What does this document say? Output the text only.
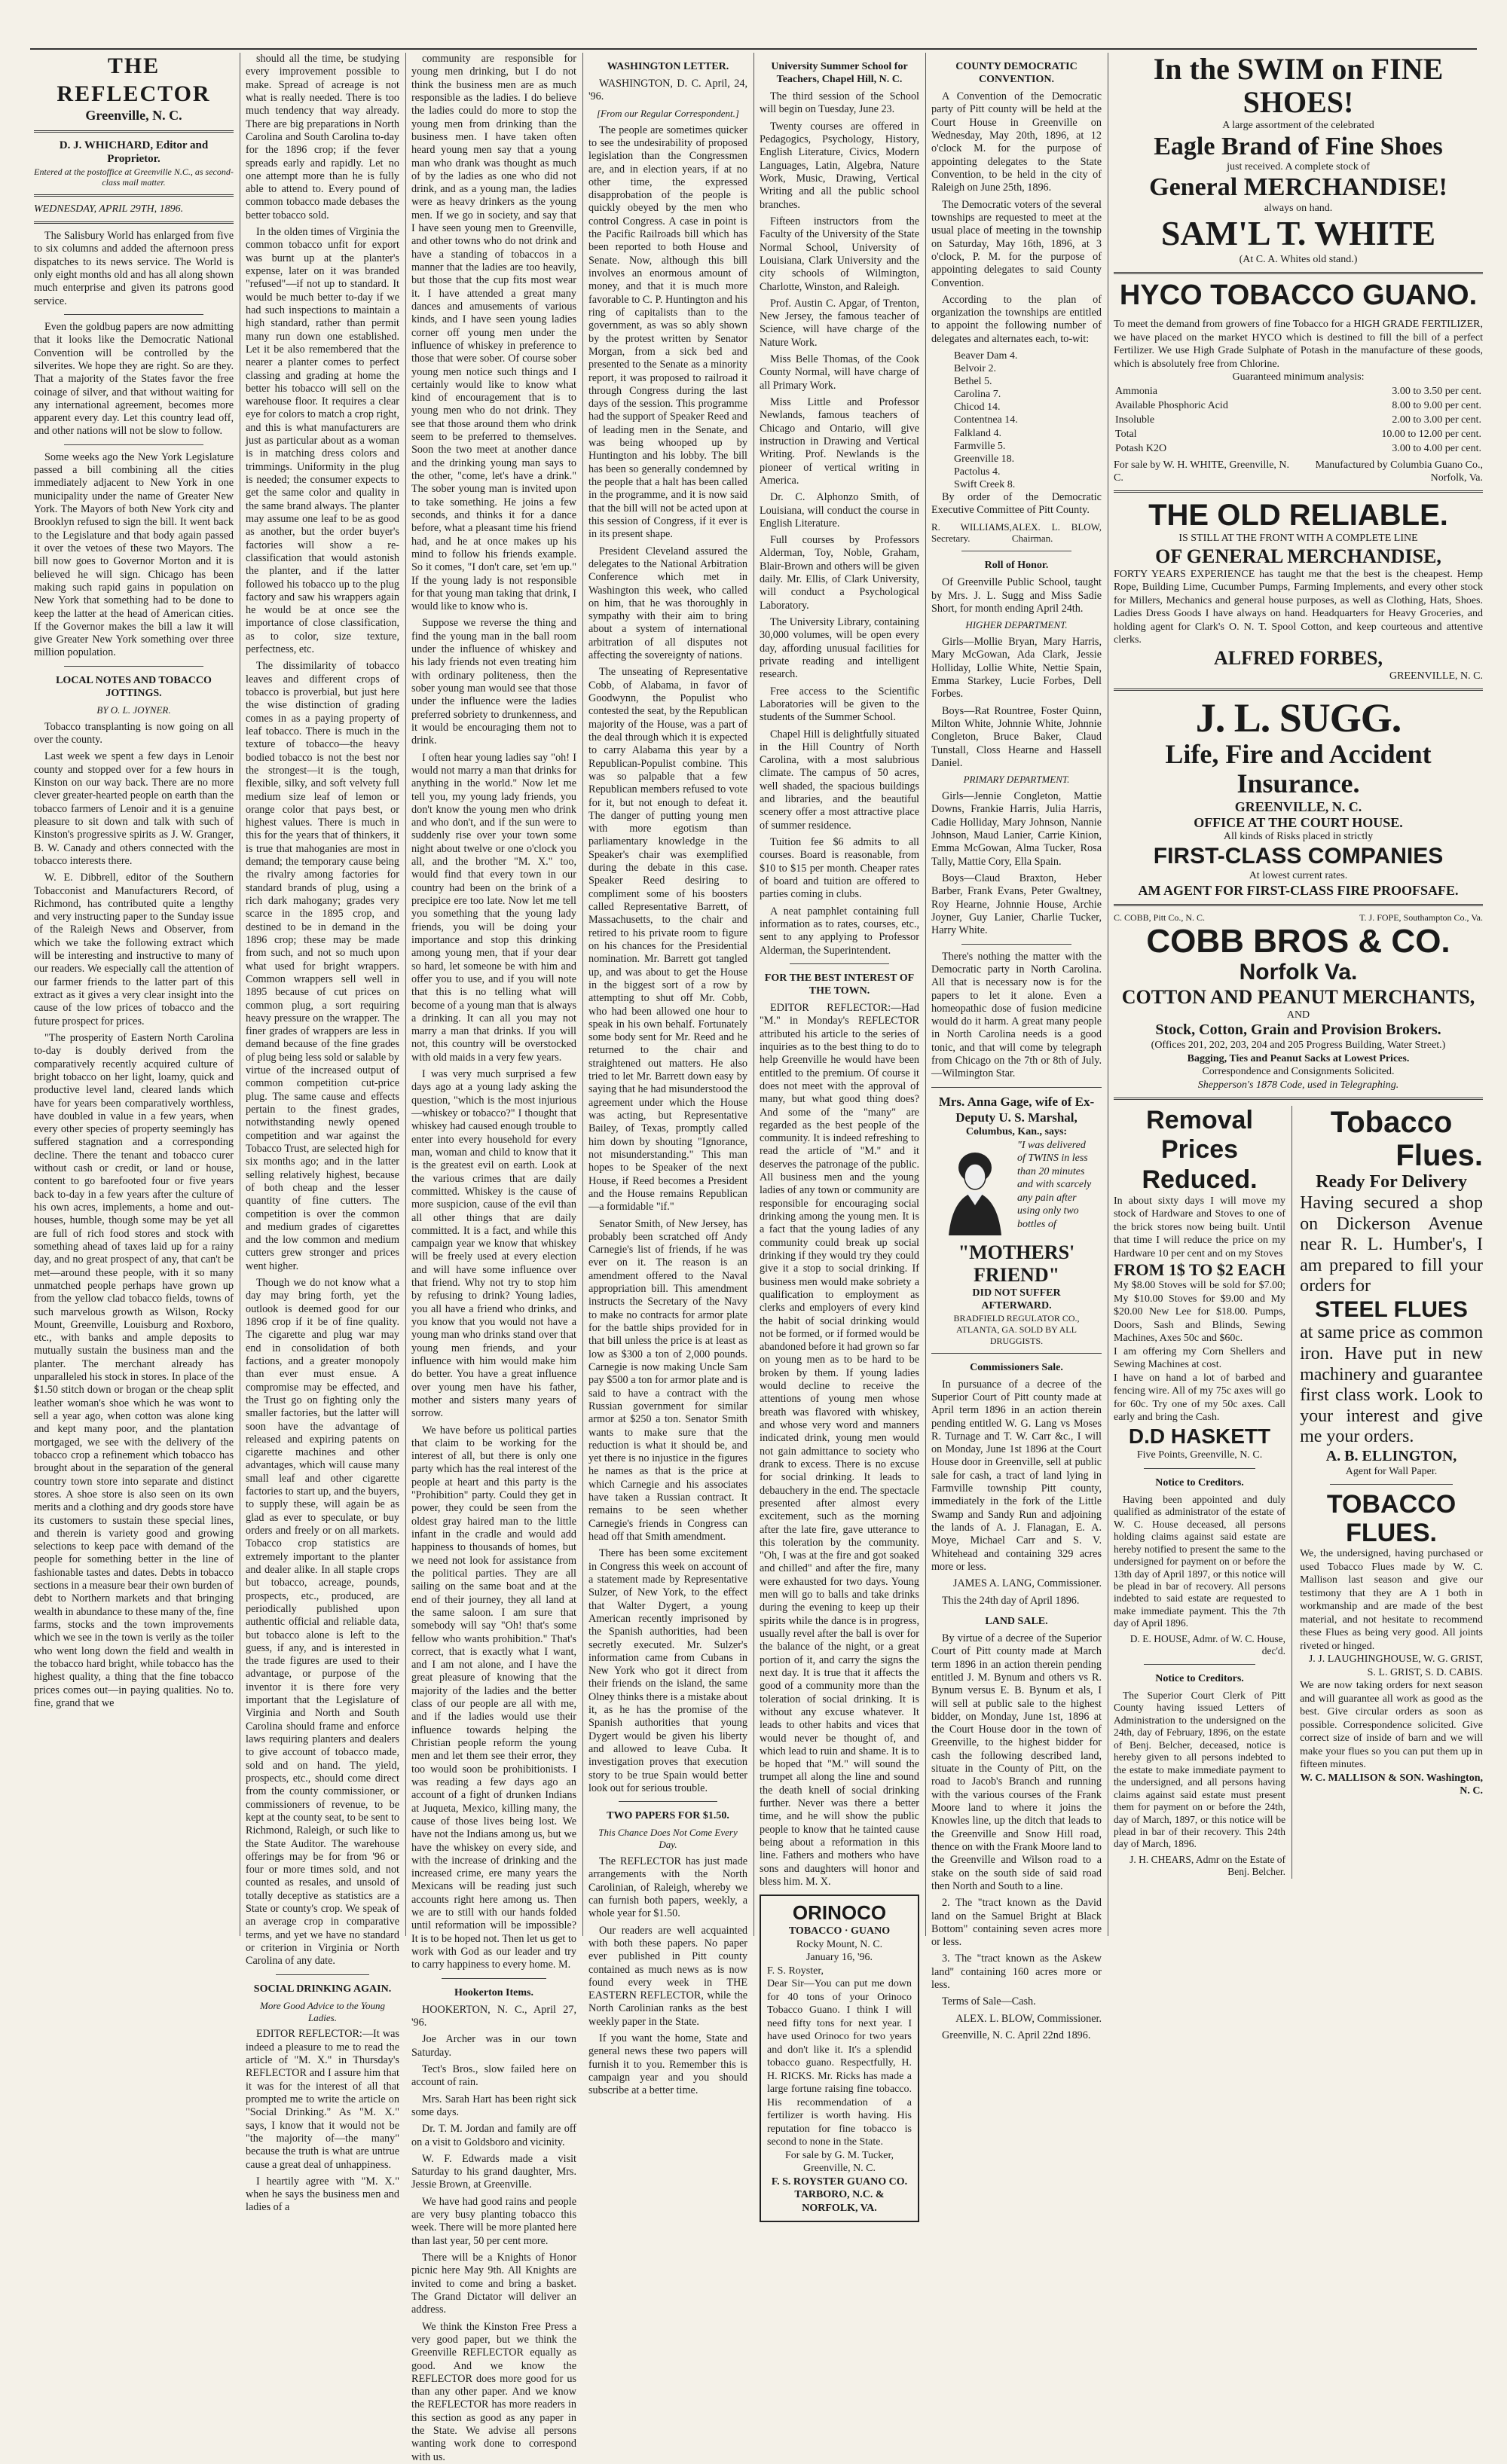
THE REFLECTOR
Greenville, N. C.
D. J. WHICHARD, Editor and Proprietor.
Entered at the postoffice at Greenville N.C., as second-class mail matter.
WEDNESDAY, APRIL 29TH, 1896.

The Salisbury World has enlarged from five to six columns and added the afternoon press dispatches to its news service. The World is only eight months old and has all along shown much enterprise and given its patrons good service.

Even the goldbug papers are now admitting that it looks like the Democratic National Convention will be controlled by the silverites. We hope they are right. So are they. That a majority of the States favor the free coinage of silver, and that without waiting for any international agreement, becomes more apparent every day. Let this country lead off, and other nations will not be slow to follow.

Some weeks ago the New York Legislature passed a bill combining all the cities immediately adjacent to New York in one municipality under the name of Greater New York. The Mayors of both New York city and Brooklyn refused to sign the bill. It went back to the Legislature and that body again passed it over the vetoes of these two Mayors. The bill now goes to Governor Morton and it is believed he will sign. Chicago has been making such rapid gains in population on New York that something had to be done to keep the latter at the head of American cities. If the Governor makes the bill a law it will give Greater New York something over three million population.

LOCAL NOTES AND TOBACCO JOTTINGS.
BY O. L. JOYNER.

Tobacco transplanting is now going on all over the county.

Last week we spent a few days in Lenoir county and stopped over for a few hours in Kinston on our way back. There are no more clever greater-hearted people on earth than the tobacco farmers of Lenoir and it is a genuine pleasure to sit down and talk with such of Kinston's progressive spirits as J. W. Granger, B. W. Canady and others connected with the tobacco interests there.

W. E. Dibbrell, editor of the Southern Tobacconist and Manufacturers Record, of Richmond, has contributed quite a lengthy and very instructing paper to the Sunday issue of the Raleigh News and Observer, from which we take the following extract which will be interesting and instructive to many of our readers. We especially call the attention of our farmer friends to the latter part of this extract as it gives a very clear insight into the cause of the low prices of tobacco and the future prospect for prices.

"The prosperity of Eastern North Carolina to-day is doubly derived from the comparatively recently acquired culture of bright tobacco on her light, loamy, quick and productive level land, cleared lands which have for years been comparatively worthless, have doubled in value in a few years, when every other species of property seemingly has suffered stagnation and a corresponding decline. There the tenant and tobacco curer without cash or credit, or land or house, content to go barefooted four or five years back to-day in a few years after the culture of his own acres, implements, a home and out-houses, humble, though some may be yet all are full of rich food stores and stock with something ahead of taxes laid up for a rainy day, and no great prospect of any, that can't be met—around these people, with it so many unmatched people perhaps have grown up from the yellow clad tobacco fields, towns of such marvelous growth as Wilson, Rocky Mount, Greenville, Louisburg and Roxboro, etc., with banks and ample deposits to mutually sustain the business man and the planter. The merchant already has unparalleled his stock in stores. In place of the $1.50 stitch down or brogan or the cheap split leather woman's shoe which he was wont to sell a year ago, when cotton was alone king and kept many poor, and the plantation mortgaged, we see with the delivery of the tobacco crop a refinement which tobacco has brought about in the separation of the general country town store into separate and distinct stores. A shoe store is also seen on its own merits and a clothing and dry goods store have its customers to sustain these special lines, and therein is variety good and growing selections to keep pace with demand of the people for something better in the line of fashionable tastes and dates. Debts in tobacco sections in a measure bear their own burden of debt to Northern markets and that bringing wealth in abundance to these many of the, fine farms, stocks and the town improvements which we see in the town is verily as the toiler who went long down the field and wealth in the tobacco hard bright, while tobacco has the highest quality, a thing that the fine tobacco prices comes out—in paying qualities. No to. fine, grand that we

should all the time, be studying every improvement possible to make. Spread of acreage is not what is really needed. There is too much tendency that way already. There are big preparations in North Carolina and South Carolina to-day for the 1896 crop; if the fever spreads early and rapidly. Let no one attempt more than he is fully able to attend to. Every pound of common tobacco made debases the better tobacco sold.

In the olden times of Virginia the common tobacco unfit for export was burnt up at the planter's expense, later on it was branded "refused"—if not up to standard. It would be much better to-day if we had such inspections to maintain a high standard, rather than permit many run down one established. Let it be also remembered that the nearer a planter comes to perfect classing and grading at home the better his tobacco will sell on the warehouse floor. It requires a clear eye for colors to match a crop right, and this is what manufacturers are just as particular about as a woman is in matching dress colors and trimmings. Uniformity in the plug is needed; the consumer expects to get the same color and quality in the same brand always. The planter may assume one leaf to be as good as another, but the order buyer's factories will show a re-classification that would astonish the planter, and if the latter followed his tobacco up to the plug factory and saw his wrappers again he would be at once see the importance of close classification, as to color, size texture, perfectness, etc.

The dissimilarity of tobacco leaves and different crops of tobacco is proverbial, but just here the wise distinction of grading comes in as a paying property of leaf tobacco. There is much in the texture of tobacco—the heavy bodied tobacco is not the best nor the strongest—it is the tough, flexible, silky, and soft velvety full medium size leaf of lemon or orange color that pays best, or highest values. There is much in this for the years that of thinkers, it is true that mahoganies are most in demand; the temporary cause being the rivalry among factories for standard brands of plug, using a rich dark mahogany; grades very scarce in the 1895 crop, and destined to be in demand in the 1896 crop; these may be made from such, and not so much upon what used for bright wrappers. Common wrappers sell well in 1895 because of cut prices on common plug, a sort requiring heavy pressure on the wrapper. The finer grades of wrappers are less in demand because of the fine grades of plug being less sold or salable by virtue of the increased output of common competition cut-price plug. The same cause and effects pertain to the finest grades, notwithstanding newly opened competition and war against the Tobacco Trust, are selected high for six months ago; and in the latter selling relatively highest, because of both cheap and the lesser quantity of fine cutters. The competition is over the common and medium grades of cigarettes and the low common and medium cutters grew stronger and prices went higher.

Though we do not know what a day may bring forth, yet the outlook is deemed good for our 1896 crop if it be of fine quality. The cigarette and plug war may end in consolidation of both factions, and a greater monopoly than ever must ensue. A compromise may be effected, and the Trust go on fighting only the smaller factories, but the latter will soon have the advantage of released and expiring patents on cigarette machines and other advantages, which will cause many small leaf and other cigarette factories to start up, and the buyers, to supply these, will again be as glad as ever to speculate, or buy orders and freely or on all markets. Tobacco crop statistics are extremely important to the planter and dealer alike. In all staple crops but tobacco, acreage, pounds, prospects, etc., produced, are periodically published upon authentic official and reliable data, but tobacco alone is left to the guess, if any, and is interested in the trade figures are used to their advantage, or purpose of the inventor it is there fore very important that the Legislature of Virginia and North and South Carolina should frame and enforce laws requiring planters and dealers to give account of tobacco made, sold and on hand. The yield, prospects, etc., should come direct from the county commissioner, or commissioners of revenue, to be kept at the county seat, to be sent to Richmond, Raleigh, or such like to the State Auditor. The warehouse offerings may be for from '96 or four or more times sold, and not counted as resales, and unsold of totally deceptive as statistics are a State or county's crop. We speak of an average crop in comparative terms, and yet we have no standard or criterion in Virginia or North Carolina of any date.

SOCIAL DRINKING AGAIN.
More Good Advice to the Young Ladies.

EDITOR REFLECTOR:—It was indeed a pleasure to me to read the article of "M. X." in Thursday's REFLECTOR and I assure him that it was for the interest of all that prompted me to write the article on "Social Drinking." As "M. X." says, I know that it would not be "the majority of—the many" because the truth is what are untrue cause a great deal of unhappiness.

I heartily agree with "M. X." when he says the business men and ladies of a

community are responsible for young men drinking, but I do not think the business men are as much responsible as the ladies. I do believe the ladies could do more to stop the young men from drinking than the business men. I have taken often heard young men say that a young man who drank was thought as much of by the ladies as one who did not drink, and as a young man, the ladies were as heavy drinkers as the young men. If we go in society, and say that I have seen young men to Greenville, and other towns who do not drink and have a standing of tobaccos in a manner that the ladies are too heavily, but those that the cup fits most wear it. I have attended a great many dances and amusements of various kinds, and I have seen young ladies corner off young men under the influence of whiskey in preference to those that were sober. Of course sober young men notice such things and I certainly would like to know what kind of encouragement that is to young men who do not drink. They see that those around them who drink seem to be preferred to themselves. Soon the two meet at another dance and the drinking young man says to the other, "come, let's have a drink." The sober young man is invited upon to take something. He joins a few seconds, and thinks it for a dance before, what a pleasant time his friend had, and he at once makes up his mind to follow his friends example. So it comes, "I don't care, set 'em up." If the young lady is not responsible for that young man taking that drink, I would like to know who is.

Suppose we reverse the thing and find the young man in the ball room under the influence of whiskey and his lady friends not even treating him with ordinary politeness, then the sober young man would see that those under the influence were the ladies preferred sobriety to drunkenness, and it would be encouraging them not to drink.

I often hear young ladies say "oh! I would not marry a man that drinks for anything in the world." Now let me tell you, my young lady friends, you don't know the young men who drink and who don't, and if the sun were to suddenly rise over your town some night about twelve or one o'clock you all, and the brother "M. X." too, would find that every town in our country had been on the brink of a precipice ere too late. Now let me tell you something that the young lady friends, you will be doing your importance and stop this drinking among young men, that if your dear so hard, let someone be with him and offer you to use, and if you will note that this is no telling what will become of a young man that is always a drinking. It can all you may not marry a man that drinks. If you will not, this country will be overstocked with old maids in a very few years.

I was very much surprised a few days ago at a young lady asking the question, "which is the most injurious—whiskey or tobacco?" I thought that whiskey had caused enough trouble to enter into every household for every man, woman and child to know that it is the greatest evil on earth. Look at the various crimes that are daily committed. Whiskey is the cause of more suspicion, cause of the evil than all other things that are daily committed. It is a fact, and while this campaign year we know that whiskey will be freely used at every election and will have some influence over that friend. Why not try to stop him by refusing to drink? Young ladies, you all have a friend who drinks, and you know that you would not have a young man who drinks stand over that young men friends, and your influence with him would make him do better. You have a great influence over young men have his father, mother and sisters many years of sorrow.

We have before us political parties that claim to be working for the interest of all, but there is only one party which has the real interest of the people at heart and this party is the "Prohibition" party. Could they get in power, they could be seen from the oldest gray haired man to the little infant in the cradle and would add happiness to thousands of homes, but we need not look for assistance from the political parties. They are all sailing on the same boat and at the end of their journey, they all land at the same saloon. I am sure that somebody will say "Oh! that's some fellow who wants prohibition." That's correct, that is exactly what I want, and I am not alone, and I have the great pleasure of knowing that the majority of the ladies and the better class of our people are all with me, and if the ladies would use their influence towards helping the Christian people reform the young men and let them see their error, they too would soon be prohibitionists. I was reading a few days ago an account of a fight of drunken Indians at Juqueta, Mexico, killing many, the cause of those lives being lost. We have not the Indians among us, but we have the whiskey on every side, and with the increase of drinking and the increased crime, ere many years the Mexicans will be reading just such accounts right here among us. Then we are to still with our hands folded until reformation will be impossible? It is to be hoped not. Then let us get to work with God as our leader and try to carry happiness to every home. M.

Hookerton Items.

HOOKERTON, N. C., April 27, '96.

Joe Archer was in our town Saturday.

Tect's Bros., slow failed here on account of rain.

Mrs. Sarah Hart has been right sick some days.

Dr. T. M. Jordan and family are off on a visit to Goldsboro and vicinity.

W. F. Edwards made a visit Saturday to his grand daughter, Mrs. Jessie Brown, at Greenville.

We have had good rains and people are very busy planting tobacco this week. There will be more planted here than last year, 50 per cent more.

There will be a Knights of Honor picnic here May 9th. All Knights are invited to come and bring a basket. The Grand Dictator will deliver an address.

We think the Kinston Free Press a very good paper, but we think the Greenville REFLECTOR equally as good. And we know the REFLECTOR does more good for us than any other paper. And we know the REFLECTOR has more readers in this section as good as any paper in the State. We advise all persons wanting work done to correspond with us.

WASHINGTON LETTER.

WASHINGTON, D. C. April, 24, '96.

[From our Regular Correspondent.]

The people are sometimes quicker to see the undesirability of proposed legislation than the Congressmen are, and in election years, if at no other time, the expressed disapprobation of the people is quickly obeyed by the men who control Congress. A case in point is the Pacific Railroads bill which has been reported to both House and Senate. Now, although this bill involves an enormous amount of money, and that it is much more favorable to C. P. Huntington and his ring of capitalists than to the government, as was so ably shown by the protest written by Senator Morgan, from a sick bed and presented to the Senate as a minority report, it was proposed to railroad it through Congress during the last days of the session. This programme had the support of Speaker Reed and of leading men in the Senate, and was being whooped up by Huntington and his lobby. The bill has been so generally condemned by the people that a halt has been called in the programme, and it is now said that the bill will not be acted upon at this session of Congress, if it ever is in its present shape.

President Cleveland assured the delegates to the National Arbitration Conference which met in Washington this week, who called on him, that he was thoroughly in sympathy with their aim to bring about a system of international arbitration of all disputes not affecting the sovereignty of nations.

The unseating of Representative Cobb, of Alabama, in favor of Goodwynn, the Populist who contested the seat, by the Republican majority of the House, was a part of the deal through which it is expected to carry Alabama this year by a Republican-Populist combine. This was so palpable that a few Republican members refused to vote for it, but not enough to defeat it. The danger of putting young men with more egotism than parliamentary knowledge in the Speaker's chair was exemplified during the debate in this case. Speaker Reed desiring to compliment some of his boosters called Representative Barrett, of Massachusetts, to the chair and retired to his private room to figure on his chances for the Presidential nomination. Mr. Barrett got tangled up, and was about to get the House in the biggest sort of a row by attempting to shut off Mr. Cobb, who had been allowed one hour to speak in his own behalf. Fortunately some body sent for Mr. Reed and he returned to the chair and straightened out matters. He also tried to let Mr. Barrett down easy by saying that he had misunderstood the agreement under which the House was acting, but Representative Bailey, of Texas, promptly called him down by shouting "Ignorance, not misunderstanding." This man hopes to be Speaker of the next House, if Reed becomes a President and the House remains Republican—a formidable "if."

Senator Smith, of New Jersey, has probably been scratched off Andy Carnegie's list of friends, if he was ever on it. The reason is an amendment offered to the Naval appropriation bill. This amendment instructs the Secretary of the Navy to make no contracts for armor plate for the battle ships provided for in that bill unless the price is at least as low as $300 a ton of 2,000 pounds. Carnegie is now making Uncle Sam pay $500 a ton for armor plate and is said to have a contract with the Russian government for similar armor at $250 a ton. Senator Smith wants to make sure that the reduction is what it should be, and yet there is no injustice in the figures he names as that is the price at which Carnegie and his associates have taken a Russian contract. It remains to be seen whether Carnegie's friends in Congress can head off that Smith amendment.

There has been some excitement in Congress this week on account of a statement made by Representative Sulzer, of New York, to the effect that Walter Dygert, a young American recently imprisoned by the Spanish authorities, had been secretly executed. Mr. Sulzer's information came from Cubans in New York who got it direct from their friends on the island, the same Olney thinks there is a mistake about it, as he has the promise of the Spanish authorities that young Dygert would be given his liberty and allowed to leave Cuba. It investigation proves that execution story to be true Spain would better look out for serious trouble.

TWO PAPERS FOR $1.50.
This Chance Does Not Come Every Day.

The REFLECTOR has just made arrangements with the North Carolinian, of Raleigh, whereby we can furnish both papers, weekly, a whole year for $1.50.

Our readers are well acquainted with both these papers. No paper ever published in Pitt county contained as much news as is now found every week in THE EASTERN REFLECTOR, while the North Carolinian ranks as the best weekly paper in the State.

If you want the home, State and general news these two papers will furnish it to you. Remember this is campaign year and you should subscribe at a better time.

University Summer School for Teachers, Chapel Hill, N. C.

The third session of the School will begin on Tuesday, June 23.

Twenty courses are offered in Pedagogics, Psychology, History, English Literature, Civics, Modern Languages, Latin, Algebra, Nature Work, Music, Drawing, Vertical Writing and all the public school branches.

Fifteen instructors from the Faculty of the University of the State Normal School, University of Louisiana, Clark University and the city schools of Wilmington, Charlotte, Winston, and Raleigh.

Prof. Austin C. Apgar, of Trenton, New Jersey, the famous teacher of Science, will have charge of the Nature Work.

Miss Belle Thomas, of the Cook County Normal, will have charge of all Primary Work.

Miss Little and Professor Newlands, famous teachers of Chicago and Ontario, will give instruction in Drawing and Vertical Writing. Prof. Newlands is the pioneer of vertical writing in America.

Dr. C. Alphonzo Smith, of Louisiana, will conduct the course in English Literature.

Full courses by Professors Alderman, Toy, Noble, Graham, Blair-Brown and others will be given daily. Mr. Ellis, of Clark University, will conduct a Psychological Laboratory.

The University Library, containing 30,000 volumes, will be open every day, affording unusual facilities for private reading and intelligent research.

Free access to the Scientific Laboratories will be given to the students of the Summer School.

Chapel Hill is delightfully situated in the Hill Country of North Carolina, with a most salubrious climate. The campus of 50 acres, well shaded, the spacious buildings and libraries, and the beautiful scenery offer a most attractive place of summer residence.

Tuition fee $6 admits to all courses. Board is reasonable, from $10 to $15 per month. Cheaper rates of board and tuition are offered to parties coming in clubs.

A neat pamphlet containing full information as to rates, courses, etc., sent to any applying to Professor Alderman, the Superintendent.

FOR THE BEST INTEREST OF THE TOWN.

EDITOR REFLECTOR:—Had "M." in Monday's REFLECTOR attributed his article to the series of inquiries as to the best thing to do to help Greenville he would have been entitled to the premium. Of course it does not meet with the approval of many, but what good thing does? And some of the "many" are regarded as the best people of the community. It is indeed refreshing to read the article of "M." and it deserves the patronage of the public. All business men and the young ladies of any town or community are responsible for encouraging social drinking among the young men. It is a fact that the young ladies of any community could break up social drinking if they would try they could give it a stop to social drinking. If business men would make sobriety a qualification to employment as clerks and employers of every kind the habit of social drinking would not be formed, or if formed would be abandoned before it had grown so far on young men as to be hard to be broken by them. If young ladies would decline to receive the attentions of young men whose breath was flavored with whiskey, and whose very word and manners indicated drink, young men would not gain admittance to society who drank to excess. There is no excuse for social drinking. It leads to debauchery in the end. The spectacle presented after almost every excitement, such as the morning after the late fire, gave utterance to this toleration by the community. "Oh, I was at the fire and got soaked and chilled" and after the fire, many were exhausted for two days. Young men will go to balls and take drinks during the evening to keep up their spirits while the dance is in progress, usually revel after the ball is over for the balance of the night, or a great portion of it, and carry the signs the next day. It is true that it affects the good of a community more than the toleration of social drinking. It is without any excuse whatever. It leads to other habits and vices that would never be thought of, and which lead to ruin and shame. It is to be hoped that "M." will sound the trumpet all along the line and sound the death knell of social drinking further. Never was there a better time, and he will show the public people to know that he tainted cause being about a reformation in this line. Fathers and mothers who have sons and daughters will honor and bless him. M. X.

ORINOCO
TOBACCO · GUANO
Rocky Mount, N. C.
January 16, '96.
F. S. Royster,
Dear Sir—You can put me down for 40 tons of your Orinoco Tobacco Guano. I think I will need fifty tons for next year. I have used Orinoco for two years and don't like it. It's a splendid tobacco guano. Respectfully, H. H. RICKS. Mr. Ricks has made a large fortune raising fine tobacco. His recommendation of a fertilizer is worth having. His reputation for fine tobacco is second to none in the State.
For sale by G. M. Tucker, Greenville, N. C.
F. S. ROYSTER GUANO CO. TARBORO, N.C. & NORFOLK, VA.
COUNTY DEMOCRATIC CONVENTION.

A Convention of the Democratic party of Pitt county will be held at the Court House in Greenville on Wednesday, May 20th, 1896, at 12 o'clock M. for the purpose of appointing delegates to the State Convention, to be held in the city of Raleigh on June 25th, 1896.

The Democratic voters of the several townships are requested to meet at the usual place of meeting in the township on Saturday, May 16th, 1896, at 3 o'clock, P. M. for the purpose of appointing delegates to said County Convention.

According to the plan of organization the townships are entitled to appoint the following number of delegates and alternates each, to-wit:

Beaver Dam 4.
Belvoir 2.
Bethel 5.
Carolina 7.
Chicod 14.
Contentnea 14.
Falkland 4.
Farmville 5.
Greenville 18.
Pactolus 4.
Swift Creek 8.

By order of the Democratic Executive Committee of Pitt County.

R. WILLIAMS, Secretary.
ALEX. L. BLOW, Chairman.
Roll of Honor.

Of Greenville Public School, taught by Mrs. J. L. Sugg and Miss Sadie Short, for month ending April 24th.

HIGHER DEPARTMENT.

Girls—Mollie Bryan, Mary Harris, Mary McGowan, Ada Clark, Jessie Holliday, Lollie White, Nettie Spain, Emma Starkey, Lucie Forbes, Dell Forbes.

Boys—Rat Rountree, Foster Quinn, Milton White, Johnnie White, Johnnie Congleton, Bruce Baker, Claud Tunstall, Closs Hearne and Hassell Daniel.

PRIMARY DEPARTMENT.

Girls—Jennie Congleton, Mattie Downs, Frankie Harris, Julia Harris, Cadie Holliday, Mary Johnson, Nannie Johnson, Maud Lanier, Carrie Kinion, Emma McGowan, Alma Tucker, Rosa Tally, Mattie Cory, Ella Spain.

Boys—Claud Braxton, Heber Barber, Frank Evans, Peter Gwaltney, Roy Hearne, Johnnie House, Archie Joyner, Guy Lanier, Charlie Tucker, Harry White.

There's nothing the matter with the Democratic party in North Carolina. All that is necessary now is for the papers to let it alone. Even a homeopathic dose of fusion medicine would do it harm. A great many people in North Carolina needs is a good tonic, and that will come by telegraph from Chicago on the 7th or 8th of July.—Wilmington Star.

Mrs. Anna Gage, wife of Ex-
Deputy U. S. Marshal,
Columbus, Kan., says:
"I was delivered of TWINS in less than 20 minutes and with scarcely any pain after using only two bottles of
"MOTHERS' FRIEND"
DID NOT SUFFER AFTERWARD.
BRADFIELD REGULATOR CO., ATLANTA, GA. SOLD BY ALL DRUGGISTS.
Commissioners Sale.

In pursuance of a decree of the Superior Court of Pitt county made at April term 1896 in an action therein pending entitled W. G. Lang vs Moses R. Turnage and T. W. Carr &c., I will on Monday, June 1st 1896 at the Court House door in Greenville, sell at public sale for cash, a tract of land lying in Farmville township Pitt county, immediately in the fork of the Little Swamp and Sandy Run and adjoining the lands of A. J. Flanagan, E. A. Moye, Michael Carr and S. V. Whitehead and containing 329 acres more or less.

JAMES A. LANG, Commissioner.

This the 24th day of April 1896.

LAND SALE.

By virtue of a decree of the Superior Court of Pitt county made at March term 1896 in an action therein pending entitled J. M. Bynum and others vs R. Bynum versus E. B. Bynum et als, I will sell at public sale to the highest bidder, on Monday, June 1st, 1896 at the Court House door in the town of Greenville, to the highest bidder for cash the following described land, situate in the County of Pitt, on the road to Jacob's Branch and running with the various courses of the Frank Moore land to where it joins the Knowles line, up the ditch that leads to the Greenville and Snow Hill road, thence on with the Frank Moore land to the Greenville and Wilson road to a stake on the south side of said road then North and South to a line.

2. The "tract known as the David land on the Samuel Bright at Black Bottom" containing seven acres more or less.

3. The "tract known as the Askew land" containing 160 acres more or less.

Terms of Sale—Cash.

ALEX. L. BLOW, Commissioner.

Greenville, N. C. April 22nd 1896.

In the SWIM on FINE SHOES!
A large assortment of the celebrated
Eagle Brand of Fine Shoes
just received. A complete stock of
General MERCHANDISE!
always on hand.
SAM'L T. WHITE
(At C. A. Whites old stand.)
HYCO TOBACCO GUANO.
To meet the demand from growers of fine Tobacco for a HIGH GRADE FERTILIZER, we have placed on the market HYCO which is destined to fill the bill of a perfect Fertilizer. We use High Grade Sulphate of Potash in the manufacture of these goods, which is absolutely free from Chlorine.
Guaranteed minimum analysis:
Ammonia	3.00 to 3.50 per cent.
Available Phosphoric Acid	8.00 to 9.00 per cent.
Insoluble	2.00 to 3.00 per cent.
Total	10.00 to 12.00 per cent.
Potash K2O	3.00 to 4.00 per cent.
For sale by W. H. WHITE, Greenville, N. C.
Manufactured by Columbia Guano Co., Norfolk, Va.
THE OLD RELIABLE.
IS STILL AT THE FRONT WITH A COMPLETE LINE
OF GENERAL MERCHANDISE,
FORTY YEARS EXPERIENCE has taught me that the best is the cheapest. Hemp Rope, Building Lime, Cucumber Pumps, Farming Implements, and every other stock for Millers, Mechanics and general house purposes, as well as Clothing, Hats, Shoes. Ladies Dress Goods I have always on hand. Headquarters for Heavy Groceries, and holding agent for Clark's O. N. T. Spool Cotton, and keep courteous and attentive clerks.
ALFRED FORBES,
GREENVILLE, N. C.
J. L. SUGG.
Life, Fire and Accident Insurance.
GREENVILLE, N. C.
OFFICE AT THE COURT HOUSE.
All kinds of Risks placed in strictly
FIRST-CLASS COMPANIES
At lowest current rates.
AM AGENT FOR FIRST-CLASS FIRE PROOFSAFE.
C. COBB, Pitt Co., N. C.	T. J. FOPE, Southampton Co., Va.
COBB BROS & CO.
Norfolk Va.
COTTON AND PEANUT MERCHANTS,
AND
Stock, Cotton, Grain and Provision Brokers.
(Offices 201, 202, 203, 204 and 205 Progress Building, Water Street.)
Bagging, Ties and Peanut Sacks at Lowest Prices.
Correspondence and Consignments Solicited.
Shepperson's 1878 Code, used in Telegraphing.
Removal
Prices Reduced.
In about sixty days I will move my stock of Hardware and Stoves to one of the brick stores now being built. Until that time I will reduce the price on my Hardware 10 per cent and on my Stoves
FROM 1$ TO $2 EACH
My $8.00 Stoves will be sold for $7.00; My $10.00 Stoves for $9.00 and My $20.00 New Lee for $18.00. Pumps, Doors, Sash and Blinds, Sewing Machines, Axes 50c and $60c.
I am offering my Corn Shellers and Sewing Machines at cost.
I have on hand a lot of barbed and fencing wire. All of my 75c axes will go for 60c. Try one of my 50c axes. Call early and bring the Cash.
D.D HASKETT
Five Points, Greenville, N. C.
Notice to Creditors.

Having been appointed and duly qualified as administrator of the estate of W. C. House deceased, all persons holding claims against said estate are hereby notified to present the same to the undersigned for payment on or before the 13th day of April 1897, or this notice will be plead in bar of recovery. All persons indebted to said estate are requested to make immediate payment. This the 7th day of April 1896.

D. E. HOUSE, Admr. of W. C. House, dec'd.

Notice to Creditors.

The Superior Court Clerk of Pitt County having issued Letters of Administration to the undersigned on the 24th, day of February, 1896, on the estate of Benj. Belcher, deceased, notice is hereby given to all persons indebted to the estate to make immediate payment to the undersigned, and all persons having claims against said estate must present them for payment on or before the 24th, day of March, 1897, or this notice will be plead in bar of their recovery. This 24th day of March, 1896.

J. H. CHEARS, Admr on the Estate of Benj. Belcher.

Tobacco
Flues.
Ready For Delivery
Having secured a shop on Dickerson Avenue near R. L. Humber's, I am prepared to fill your orders for
STEEL FLUES
at same price as common iron. Have put in new machinery and guarantee first class work. Look to your interest and give me your orders.
A. B. ELLINGTON,
Agent for Wall Paper.
TOBACCO FLUES.
We, the undersigned, having purchased or used Tobacco Flues made by W. C. Mallison last season and give our testimony that they are A 1 both in workmanship and are made of the best material, and not hesitate to recommend these Flues as being very good. All joints riveted or hinged.
J. J. LAUGHINGHOUSE, W. G. GRIST, S. L. GRIST, S. D. CABIS.
We are now taking orders for next season and will guarantee all work as good as the best. Give circular orders as soon as possible. Correspondence solicited. Give correct size of inside of barn and we will make your flues so you can put them up in fifteen minutes.
W. C. MALLISON & SON. Washington, N. C.
